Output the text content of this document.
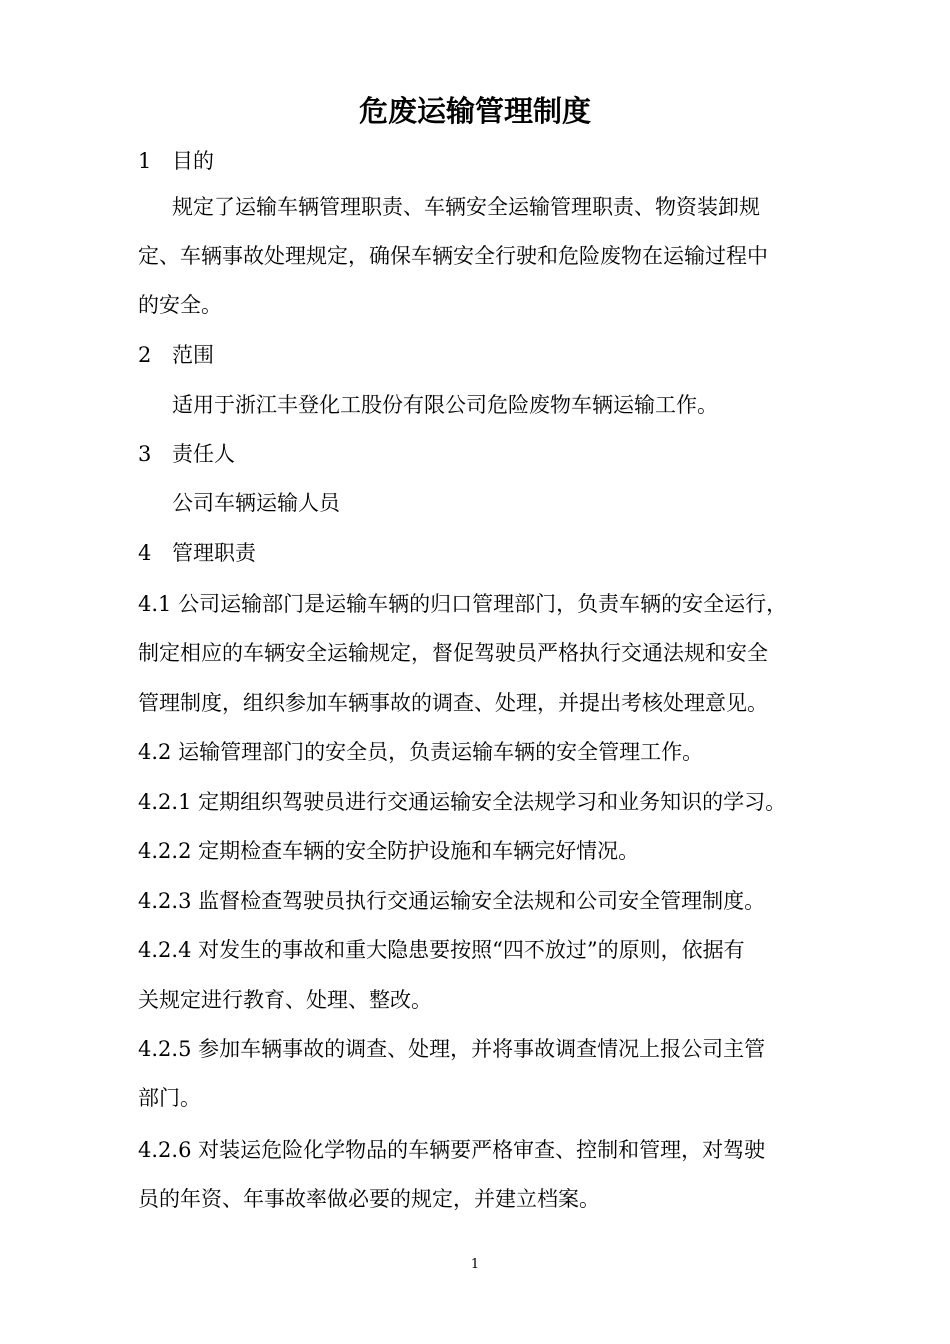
危废运输管理制度
1 目的
规定了运输车辆管理职责、车辆安全运输管理职责、物资装卸规
定、车辆事故处理规定，确保车辆安全行驶和危险废物在运输过程中
的安全。
2 范围
适用于浙江丰登化工股份有限公司危险废物车辆运输工作。
3 责任人
公司车辆运输人员
4 管理职责
4.1 公司运输部门是运输车辆的归口管理部门，负责车辆的安全运行，
制定相应的车辆安全运输规定，督促驾驶员严格执行交通法规和安全
管理制度，组织参加车辆事故的调查、处理，并提出考核处理意见。
4.2 运输管理部门的安全员，负责运输车辆的安全管理工作。
4.2.1 定期组织驾驶员进行交通运输安全法规学习和业务知识的学习。
4.2.2 定期检查车辆的安全防护设施和车辆完好情况。
4.2.3 监督检查驾驶员执行交通运输安全法规和公司安全管理制度。
4.2.4 对发生的事故和重大隐患要按照“四不放过”的原则，依据有
关规定进行教育、处理、整改。
4.2.5 参加车辆事故的调查、处理，并将事故调查情况上报公司主管
部门。
4.2.6 对装运危险化学物品的车辆要严格审查、控制和管理，对驾驶
员的年资、年事故率做必要的规定，并建立档案。
1
